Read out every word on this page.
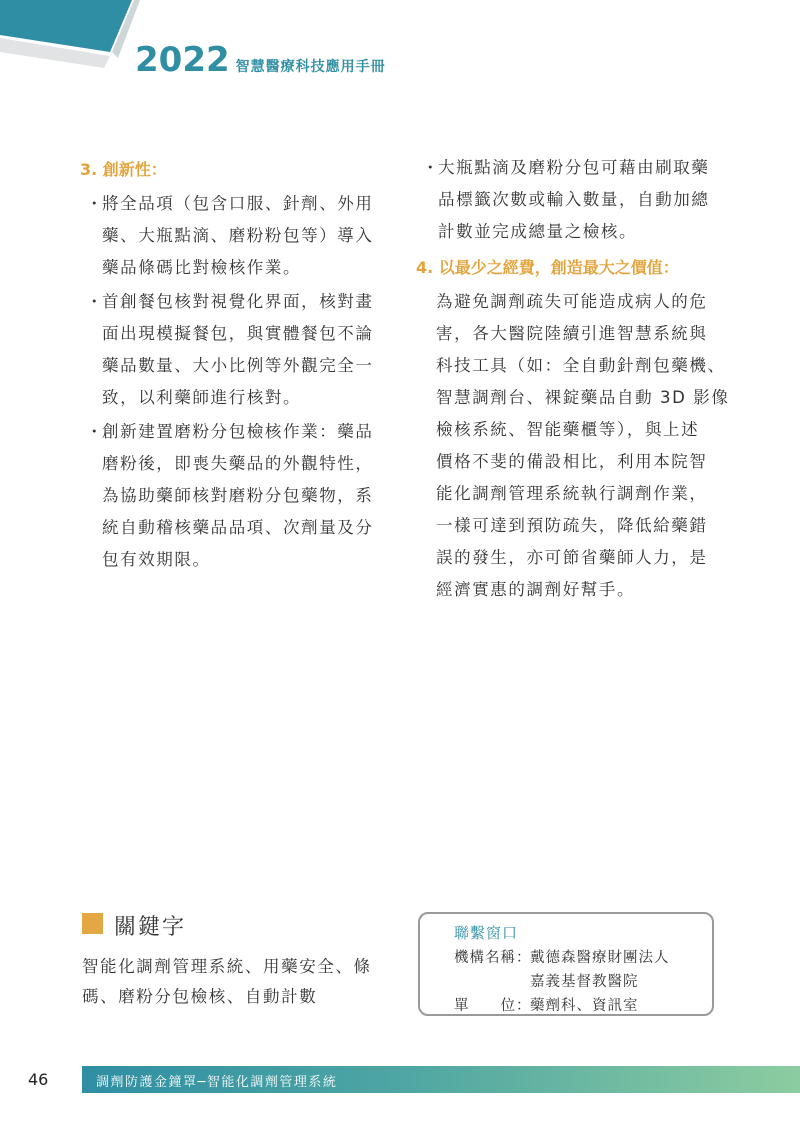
2022 智慧醫療科技應用手冊
3. 創新性：
・
將全品項（包含口服、針劑、外用
藥、大瓶點滴、磨粉粉包等）導入
藥品條碼比對檢核作業。
・
首創餐包核對視覺化界面，核對畫
面出現模擬餐包，與實體餐包不論
藥品數量、大小比例等外觀完全一
致，以利藥師進行核對。
・
創新建置磨粉分包檢核作業：藥品
磨粉後，即喪失藥品的外觀特性，
為協助藥師核對磨粉分包藥物，系
統自動稽核藥品品項、次劑量及分
包有效期限。
・
大瓶點滴及磨粉分包可藉由刷取藥
品標籤次數或輸入數量，自動加總
計數並完成總量之檢核。
4. 以最少之經費，創造最大之價值：
為避免調劑疏失可能造成病人的危
害，各大醫院陸續引進智慧系統與
科技工具（如：全自動針劑包藥機、
智慧調劑台、裸錠藥品自動 3D 影像
檢核系統、智能藥櫃等），與上述
價格不斐的備設相比，利用本院智
能化調劑管理系統執行調劑作業，
一樣可達到預防疏失，降低給藥錯
誤的發生，亦可節省藥師人力，是
經濟實惠的調劑好幫手。
關鍵字
智能化調劑管理系統、用藥安全、條
碼、磨粉分包檢核、自動計數
聯繫窗口
機構名稱：戴德森醫療財團法人
嘉義基督教醫院
單　　位：藥劑科、資訊室
46	調劑防護金鐘罩─智能化調劑管理系統
